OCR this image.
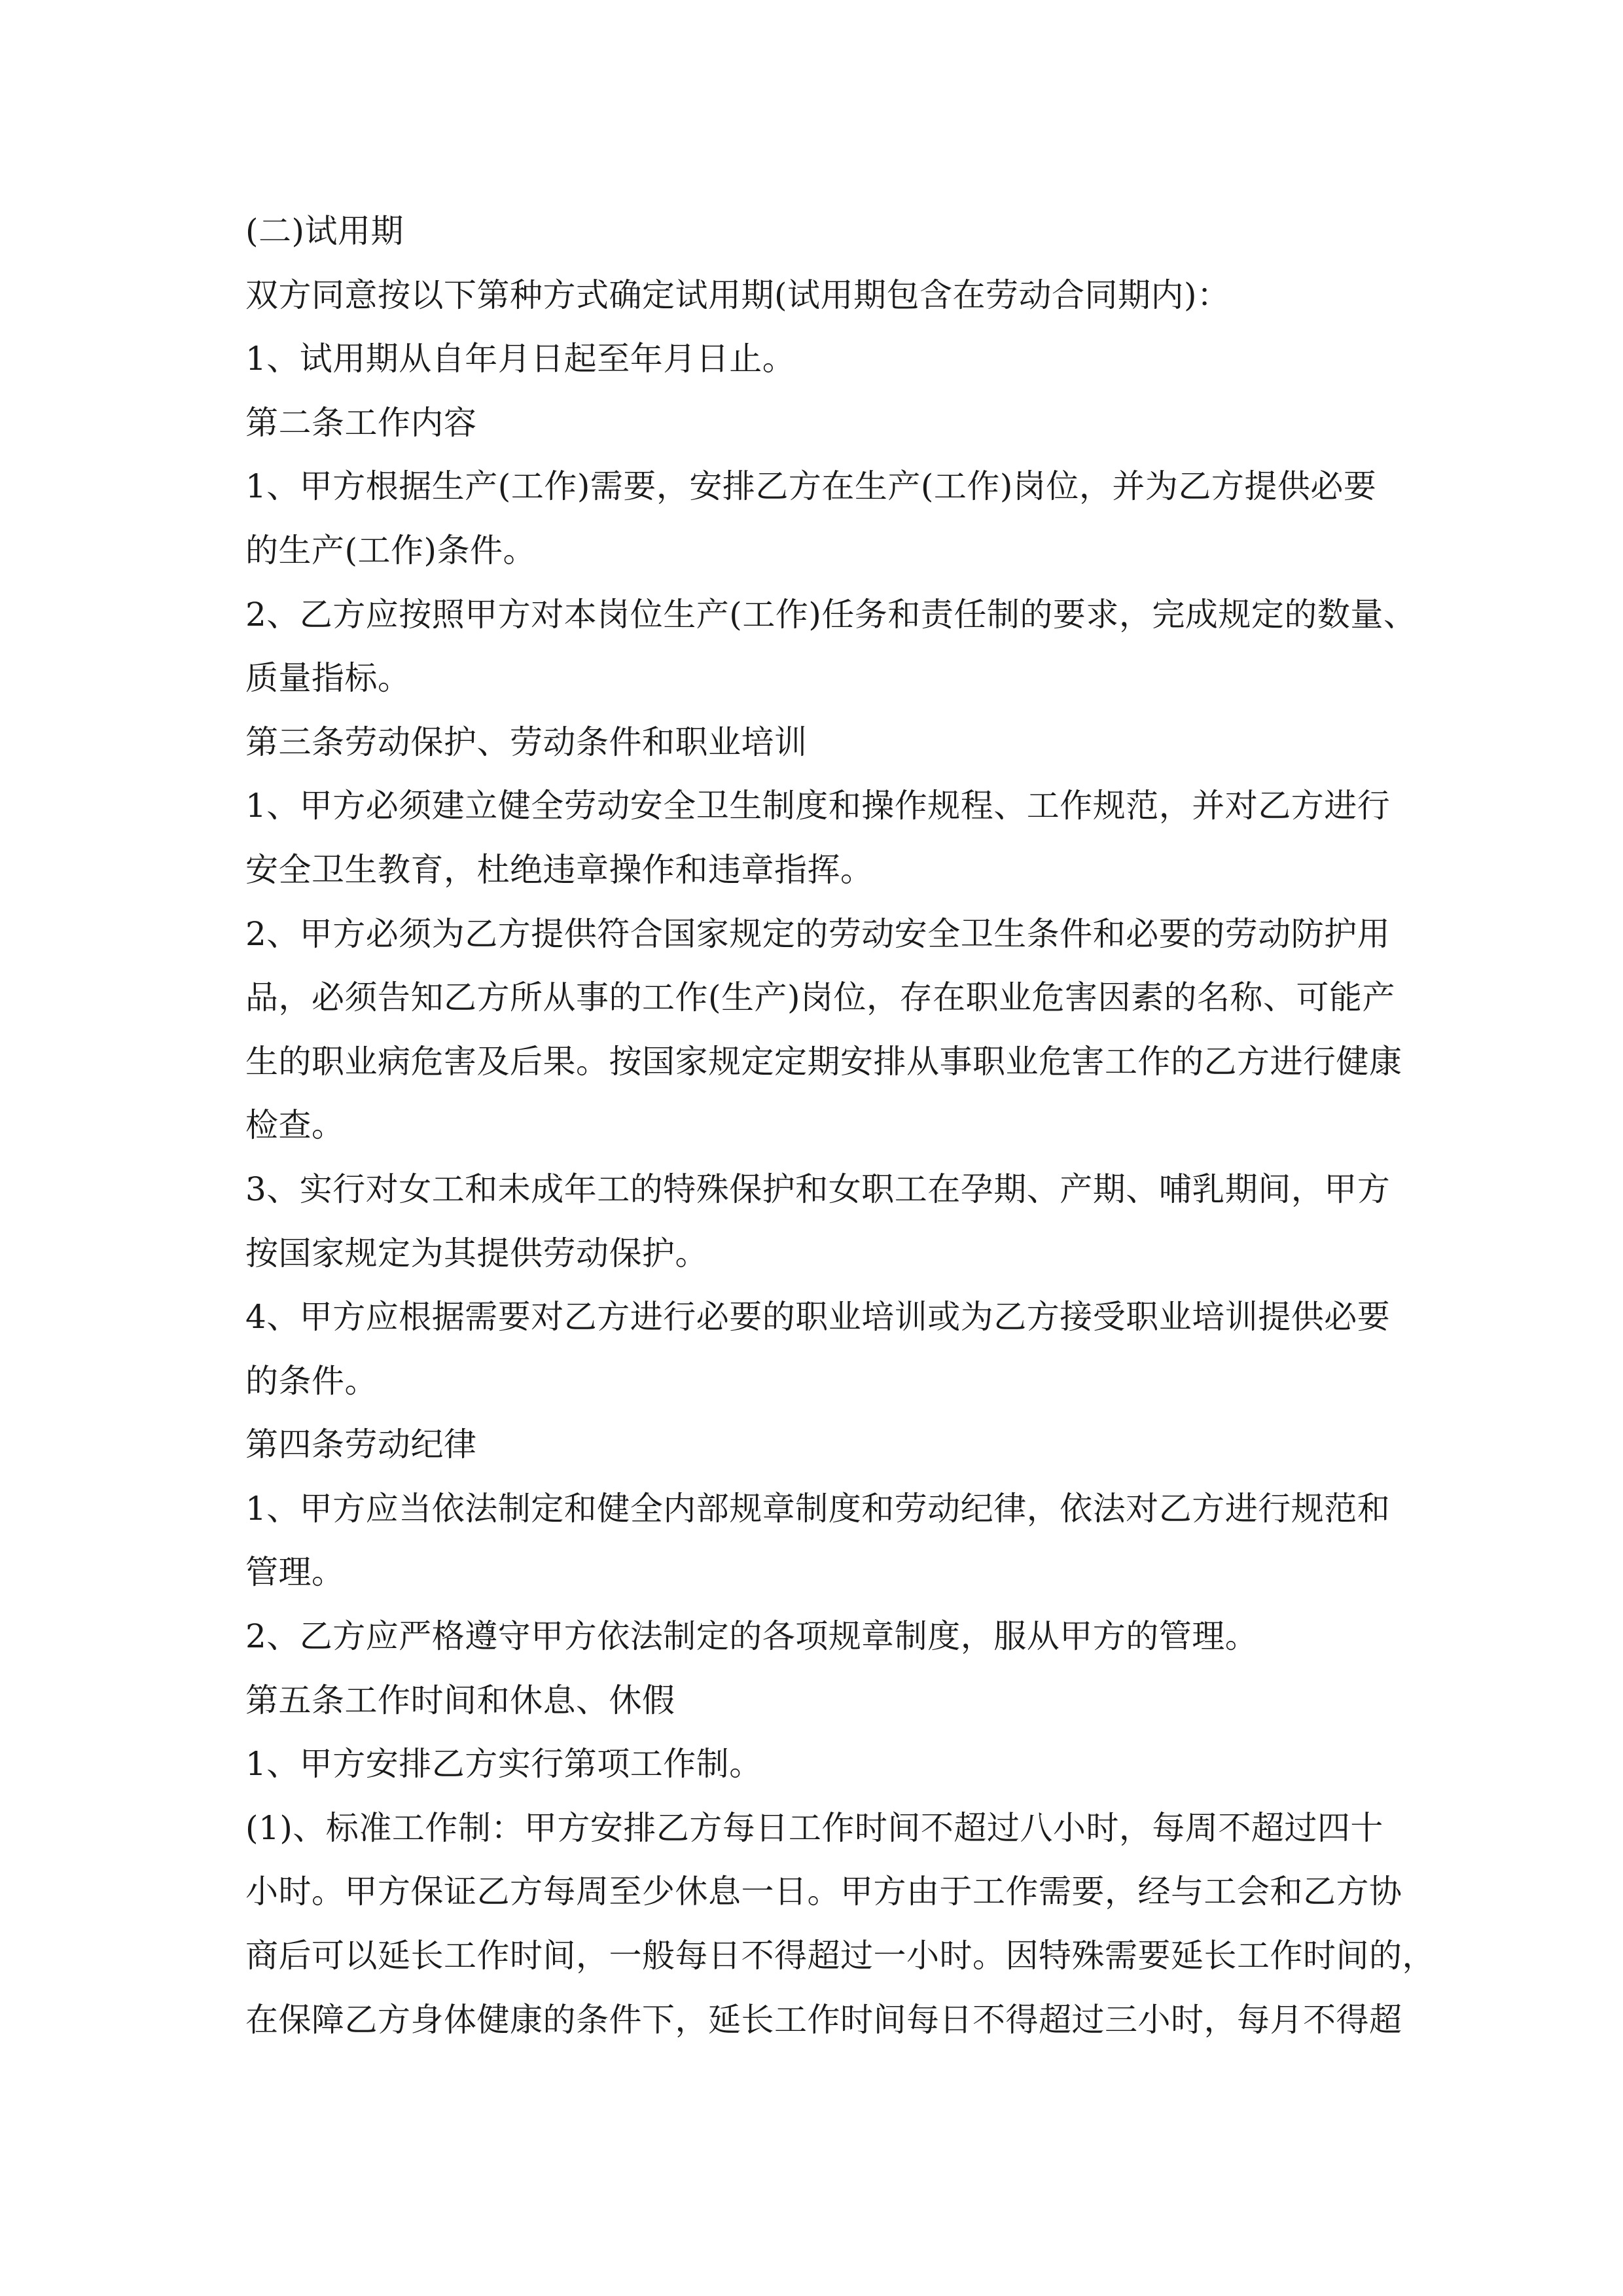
(二)试用期
双方同意按以下第种方式确定试用期(试用期包含在劳动合同期内)：
1、试用期从自年月日起至年月日止。
第二条工作内容
1、甲方根据生产(工作)需要，安排乙方在生产(工作)岗位，并为乙方提供必要
的生产(工作)条件。
2、乙方应按照甲方对本岗位生产(工作)任务和责任制的要求，完成规定的数量、
质量指标。
第三条劳动保护、劳动条件和职业培训
1、甲方必须建立健全劳动安全卫生制度和操作规程、工作规范，并对乙方进行
安全卫生教育，杜绝违章操作和违章指挥。
2、甲方必须为乙方提供符合国家规定的劳动安全卫生条件和必要的劳动防护用
品，必须告知乙方所从事的工作(生产)岗位，存在职业危害因素的名称、可能产
生的职业病危害及后果。按国家规定定期安排从事职业危害工作的乙方进行健康
检查。
3、实行对女工和未成年工的特殊保护和女职工在孕期、产期、哺乳期间，甲方
按国家规定为其提供劳动保护。
4、甲方应根据需要对乙方进行必要的职业培训或为乙方接受职业培训提供必要
的条件。
第四条劳动纪律
1、甲方应当依法制定和健全内部规章制度和劳动纪律，依法对乙方进行规范和
管理。
2、乙方应严格遵守甲方依法制定的各项规章制度，服从甲方的管理。
第五条工作时间和休息、休假
1、甲方安排乙方实行第项工作制。
(1)、标准工作制：甲方安排乙方每日工作时间不超过八小时，每周不超过四十
小时。甲方保证乙方每周至少休息一日。甲方由于工作需要，经与工会和乙方协
商后可以延长工作时间，一般每日不得超过一小时。因特殊需要延长工作时间的，
在保障乙方身体健康的条件下，延长工作时间每日不得超过三小时，每月不得超
